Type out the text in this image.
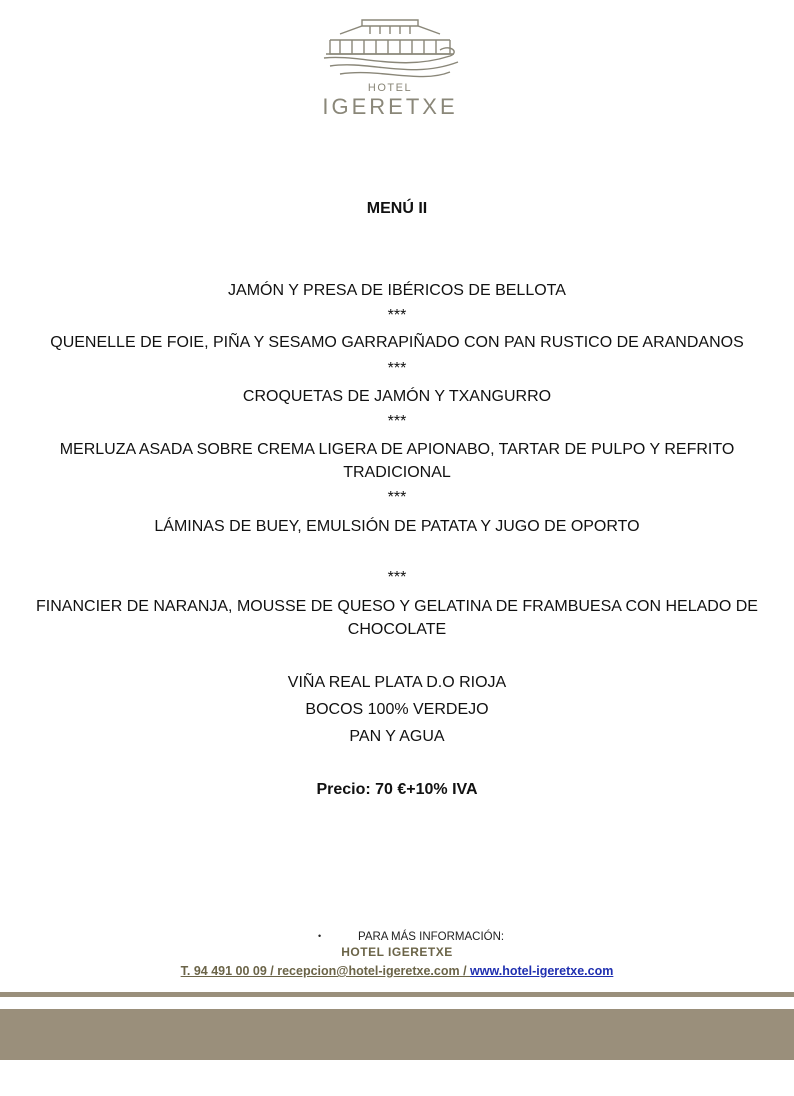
HOTEL
IGERETXE
MENÚ II
JAMÓN Y PRESA DE IBÉRICOS DE BELLOTA
***
QUENELLE DE FOIE, PIÑA Y SESAMO GARRAPIÑADO CON PAN RUSTICO DE ARANDANOS
***
CROQUETAS DE JAMÓN Y TXANGURRO
***
MERLUZA ASADA SOBRE CREMA LIGERA DE APIONABO, TARTAR DE PULPO Y REFRITO
TRADICIONAL
***
LÁMINAS DE BUEY, EMULSIÓN DE PATATA Y JUGO DE OPORTO
***
FINANCIER DE NARANJA, MOUSSE DE QUESO Y GELATINA DE FRAMBUESA CON HELADO DE
CHOCOLATE
VIÑA REAL PLATA D.O RIOJA
BOCOS 100% VERDEJO
PAN Y AGUA
Precio: 70 €+10% IVA
•	PARA MÁS INFORMACIÓN:
HOTEL IGERETXE
T. 94 491 00 09 / recepcion@hotel-igeretxe.com / www.hotel-igeretxe.com
